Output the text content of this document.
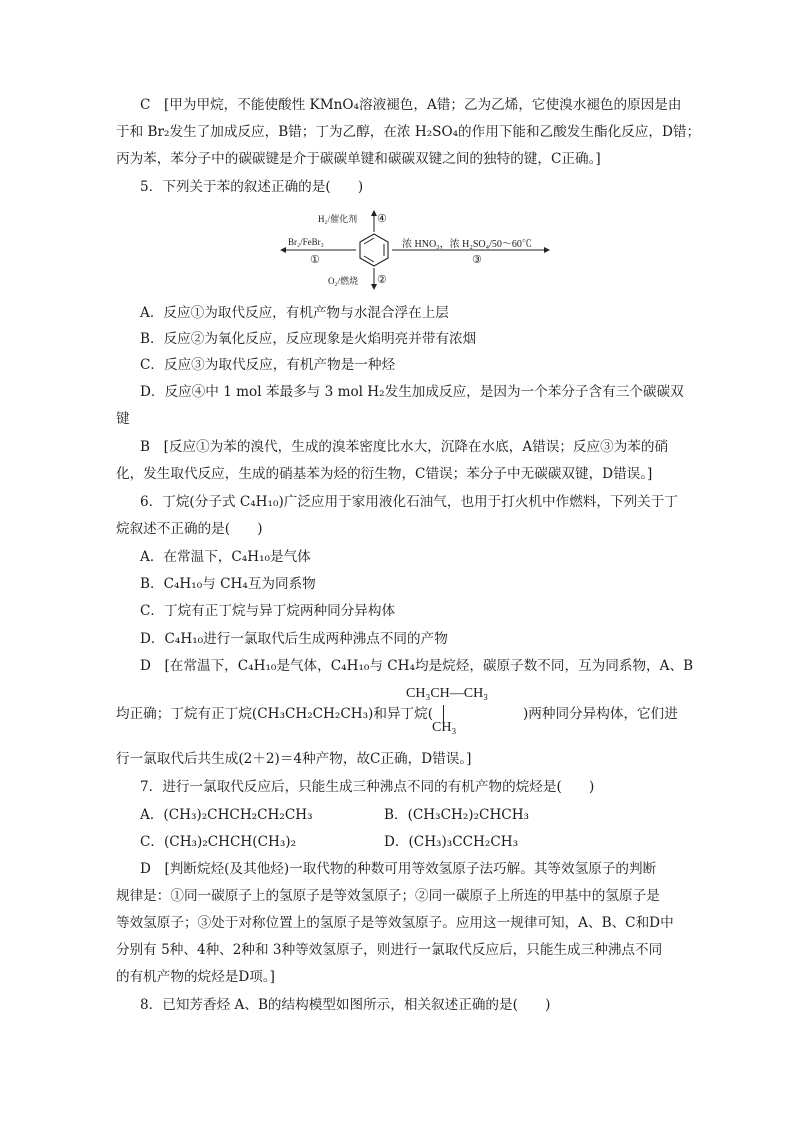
C　[甲为甲烷，不能使酸性 KMnO₄溶液褪色，A错；乙为乙烯，它使溴水褪色的原因是由
于和 Br₂发生了加成反应，B错；丁为乙醇，在浓 H₂SO₄的作用下能和乙酸发生酯化反应，D错；
丙为苯，苯分子中的碳碳键是介于碳碳单键和碳碳双键之间的独特的键，C正确。]
5．下列关于苯的叙述正确的是(　　)
H₂/催化剂 ④
Br₂/FeBr₃
①
浓 HNO₃，浓 H₂SO₄/50～60℃
③
O₂/燃烧 ②
A．反应①为取代反应，有机产物与水混合浮在上层
B．反应②为氧化反应，反应现象是火焰明亮并带有浓烟
C．反应③为取代反应，有机产物是一种烃
D．反应④中 1 mol 苯最多与 3 mol H₂发生加成反应，是因为一个苯分子含有三个碳碳双
键
B　[反应①为苯的溴代，生成的溴苯密度比水大，沉降在水底，A错误；反应③为苯的硝
化，发生取代反应，生成的硝基苯为烃的衍生物，C错误；苯分子中无碳碳双键，D错误。]
6．丁烷(分子式 C₄H₁₀)广泛应用于家用液化石油气，也用于打火机中作燃料，下列关于丁
烷叙述不正确的是(　　)
A．在常温下，C₄H₁₀是气体
B．C₄H₁₀与 CH₄互为同系物
C．丁烷有正丁烷与异丁烷两种同分异构体
D．C₄H₁₀进行一氯取代后生成两种沸点不同的产物
D　[在常温下，C₄H₁₀是气体，C₄H₁₀与 CH₄均是烷烃，碳原子数不同，互为同系物，A、B
均正确；丁烷有正丁烷(CH₃CH₂CH₂CH₃)和异丁烷(
CH₃CH—CH₃
CH₃
)两种同分异构体，它们进
行一氯取代后共生成(2＋2)＝4种产物，故C正确，D错误。]
7．进行一氯取代反应后，只能生成三种沸点不同的有机产物的烷烃是(　　)
A．(CH₃)₂CHCH₂CH₂CH₃	B．(CH₃CH₂)₂CHCH₃
C．(CH₃)₂CHCH(CH₃)₂	D．(CH₃)₃CCH₂CH₃
D　[判断烷烃(及其他烃)一取代物的种数可用等效氢原子法巧解。其等效氢原子的判断
规律是：①同一碳原子上的氢原子是等效氢原子；②同一碳原子上所连的甲基中的氢原子是
等效氢原子；③处于对称位置上的氢原子是等效氢原子。应用这一规律可知，A、B、C和D中
分别有 5种、4种、2种和 3种等效氢原子，则进行一氯取代反应后，只能生成三种沸点不同
的有机产物的烷烃是D项。]
8．已知芳香烃 A、B的结构模型如图所示，相关叙述正确的是(　　)
